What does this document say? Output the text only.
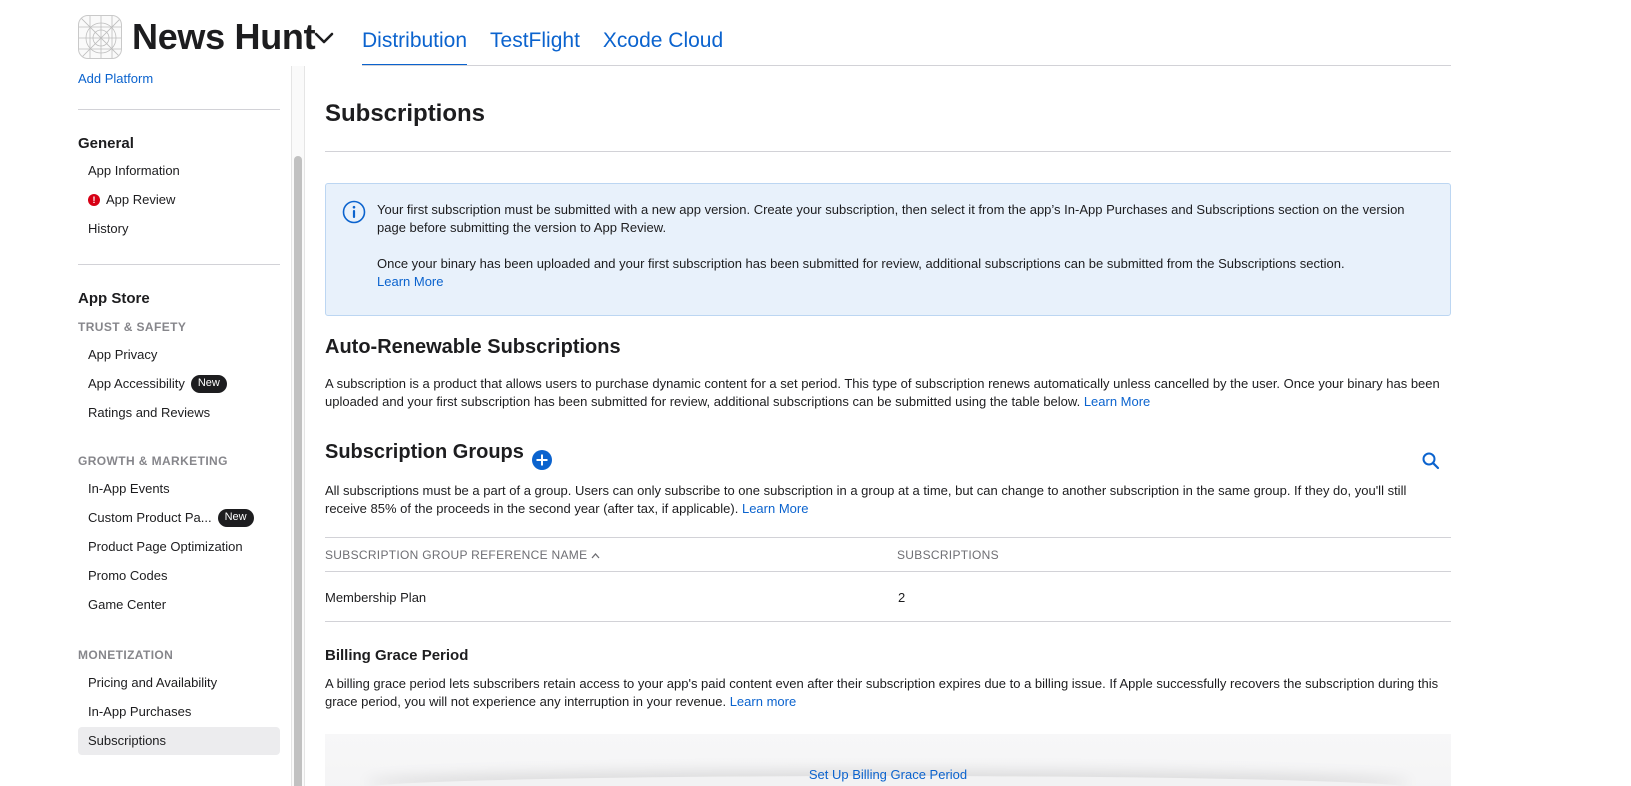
News Hunt Distribution TestFlight Xcode Cloud
Add Platform
General
App Information
! App Review
History
App Store
TRUST & SAFETY
App Privacy
App Accessibility New
Ratings and Reviews
GROWTH & MARKETING
In-App Events
Custom Product Pa... New
Product Page Optimization
Promo Codes
Game Center
MONETIZATION
Pricing and Availability
In-App Purchases
Subscriptions
Subscriptions
Your first subscription must be submitted with a new app version. Create your subscription, then select it from the app’s In-App Purchases and Subscriptions section on the version page before submitting the version to App Review.
Once your binary has been uploaded and your first subscription has been submitted for review, additional subscriptions can be submitted from the Subscriptions section.
Learn More
Auto-Renewable Subscriptions
A subscription is a product that allows users to purchase dynamic content for a set period. This type of subscription renews automatically unless cancelled by the user. Once your binary has been uploaded and your first subscription has been submitted for review, additional subscriptions can be submitted using the table below. Learn More
Subscription Groups
All subscriptions must be a part of a group. Users can only subscribe to one subscription in a group at a time, but can change to another subscription in the same group. If they do, you'll still receive 85% of the proceeds in the second year (after tax, if applicable). Learn More
SUBSCRIPTION GROUP REFERENCE NAME	SUBSCRIPTIONS
Membership Plan	2
Billing Grace Period
A billing grace period lets subscribers retain access to your app's paid content even after their subscription expires due to a billing issue. If Apple successfully recovers the subscription during this grace period, you will not experience any interruption in your revenue. Learn more
Set Up Billing Grace Period
